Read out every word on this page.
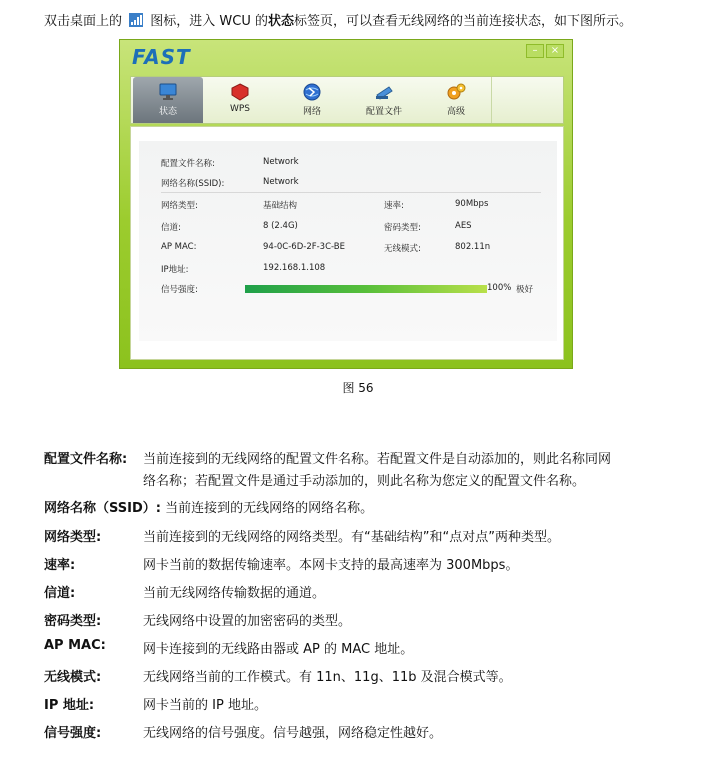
双击桌面上的 图标，进入 WCU 的状态标签页，可以查看无线网络的当前连接状态，如下图所示。
FAST	–	×
状态	WPS	网络	配置文件	高级
配置文件名称:	Network
网络名称(SSID):	Network
网络类型:	基础结构	速率:	90Mbps
信道:	8 (2.4G)	密码类型:	AES
AP MAC:	94-0C-6D-2F-3C-BE	无线模式:	802.11n
IP地址:	192.168.1.108
信号强度:	100% 极好
图 56
配置文件名称: 当前连接到的无线网络的配置文件名称。若配置文件是自动添加的，则此名称同网
络名称；若配置文件是通过手动添加的，则此名称为您定义的配置文件名称。
网络名称（SSID）: 当前连接到的无线网络的网络名称。
网络类型:	当前连接到的无线网络的网络类型。有“基础结构”和“点对点”两种类型。
速率:	网卡当前的数据传输速率。本网卡支持的最高速率为 300Mbps。
信道:	当前无线网络传输数据的通道。
密码类型:	无线网络中设置的加密密码的类型。
AP MAC:	网卡连接到的无线路由器或 AP 的 MAC 地址。
无线模式:	无线网络当前的工作模式。有 11n、11g、11b 及混合模式等。
IP 地址:	网卡当前的 IP 地址。
信号强度:	无线网络的信号强度。信号越强，网络稳定性越好。
